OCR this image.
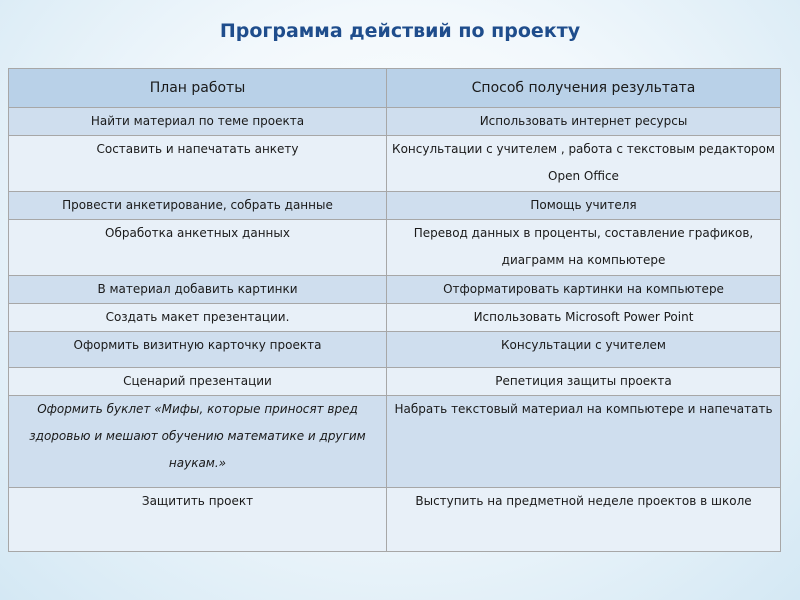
Программа действий по проекту
План работы	Способ получения результата
Найти материал по теме проекта	Использовать интернет ресурсы
Составить и напечатать анкету	Консультации с учителем , работа с текстовым редактором Open Office
Провести анкетирование, собрать данные	Помощь учителя
Обработка анкетных данных	Перевод данных в проценты, составление графиков, диаграмм на компьютере
В материал добавить картинки	Отформатировать картинки на компьютере
Создать макет презентации.	Использовать Microsoft Power Point
Оформить визитную карточку проекта	Консультации с учителем
Сценарий презентации	Репетиция защиты проекта
Оформить буклет «Мифы, которые приносят вред здоровью и мешают обучению математике и другим наукам.»	Набрать текстовый материал на компьютере и напечатать
Защитить проект	Выступить на предметной неделе проектов в школе
